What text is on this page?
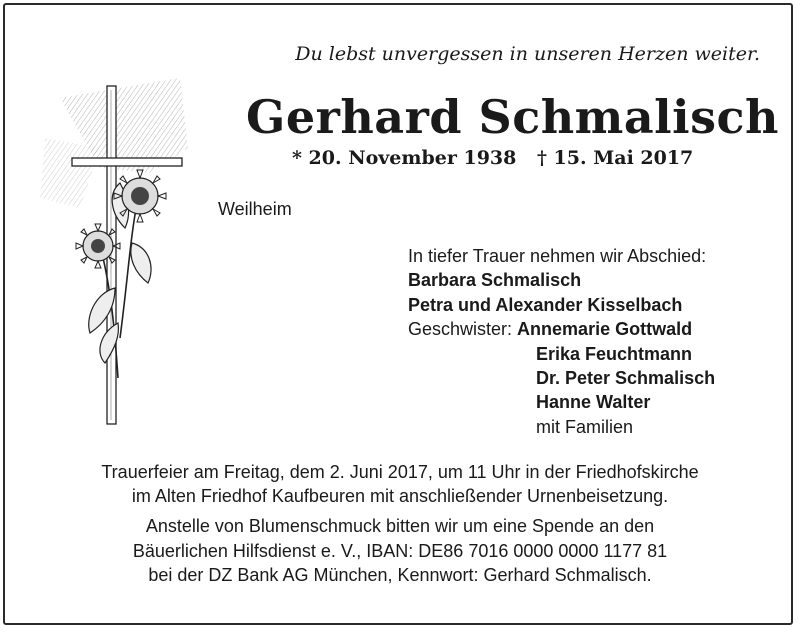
Du lebst unvergessen in unseren Herzen weiter.
Gerhard Schmalisch
* 20. November 1938 † 15. Mai 2017
Weilheim
In tiefer Trauer nehmen wir Abschied:
Barbara Schmalisch
Petra und Alexander Kisselbach
Geschwister: Annemarie Gottwald
Erika Feuchtmann
Dr. Peter Schmalisch
Hanne Walter
mit Familien
Trauerfeier am Freitag, dem 2. Juni 2017, um 11 Uhr in der Friedhofskirche
im Alten Friedhof Kaufbeuren mit anschließender Urnenbeisetzung.
Anstelle von Blumenschmuck bitten wir um eine Spende an den
Bäuerlichen Hilfsdienst e. V., IBAN: DE86 7016 0000 0000 1177 81
bei der DZ Bank AG München, Kennwort: Gerhard Schmalisch.
